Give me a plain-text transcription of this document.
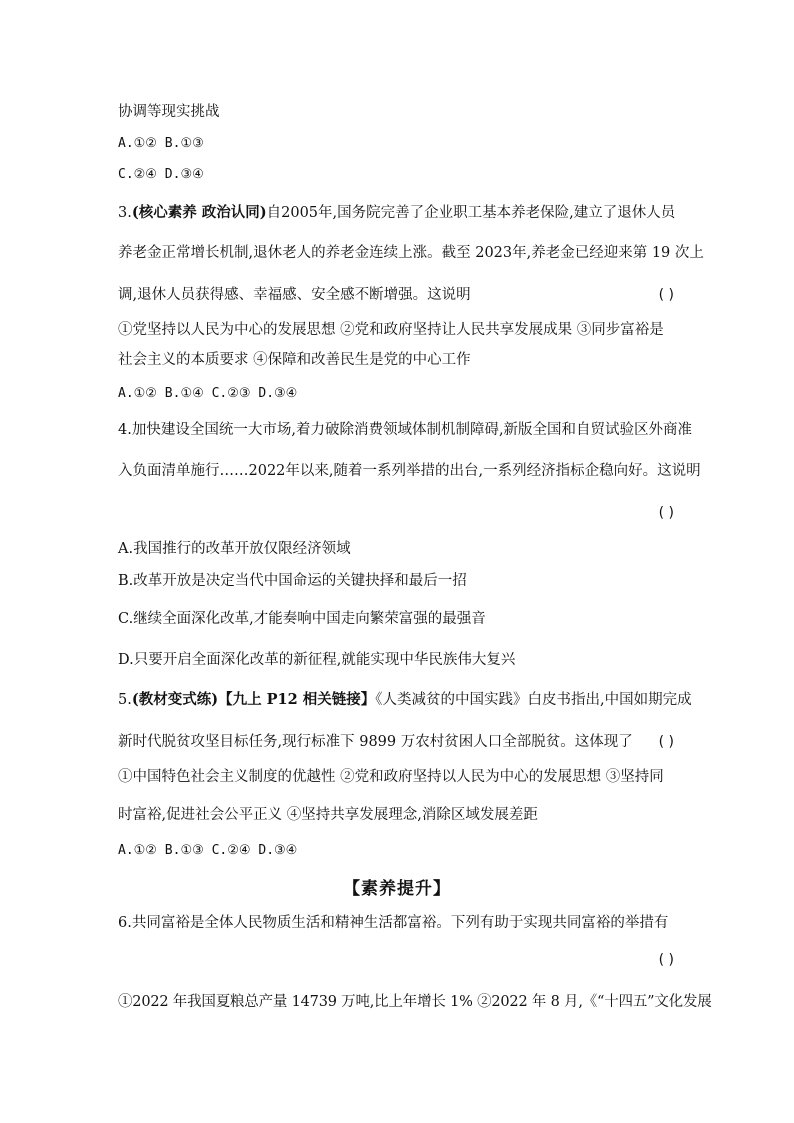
协调等现实挑战
A.①② B.①③
C.②④ D.③④
3.(核心素养 政治认同)自2005年,国务院完善了企业职工基本养老保险,建立了退休人员
养老金正常增长机制,退休老人的养老金连续上涨。截至 2023年,养老金已经迎来第 19 次上
调,退休人员获得感、幸福感、安全感不断增强。这说明	( )
①党坚持以人民为中心的发展思想 ②党和政府坚持让人民共享发展成果 ③同步富裕是
社会主义的本质要求 ④保障和改善民生是党的中心工作
A.①② B.①④ C.②③ D.③④
4.加快建设全国统一大市场,着力破除消费领域体制机制障碍,新版全国和自贸试验区外商准
入负面清单施行……2022年以来,随着一系列举措的出台,一系列经济指标企稳向好。这说明
( )
A.我国推行的改革开放仅限经济领域
B.改革开放是决定当代中国命运的关键抉择和最后一招
C.继续全面深化改革,才能奏响中国走向繁荣富强的最强音
D.只要开启全面深化改革的新征程,就能实现中华民族伟大复兴
5.(教材变式练)【九上 P12 相关链接】《人类减贫的中国实践》白皮书指出,中国如期完成
新时代脱贫攻坚目标任务,现行标准下 9899 万农村贫困人口全部脱贫。这体现了 ( )
①中国特色社会主义制度的优越性 ②党和政府坚持以人民为中心的发展思想 ③坚持同
时富裕,促进社会公平正义 ④坚持共享发展理念,消除区域发展差距
A.①② B.①③ C.②④ D.③④
【素养提升】
6.共同富裕是全体人民物质生活和精神生活都富裕。下列有助于实现共同富裕的举措有
( )
①2022 年我国夏粮总产量 14739 万吨,比上年增长 1% ②2022 年 8 月,《“十四五”文化发展
